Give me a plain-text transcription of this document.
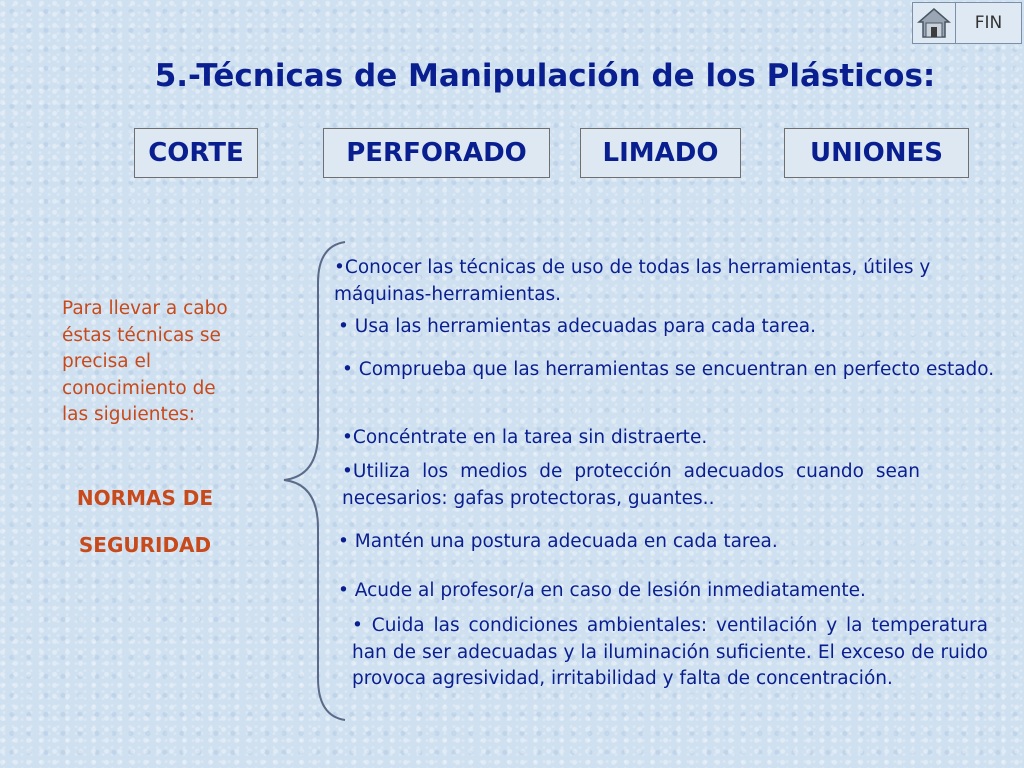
FIN
5.-Técnicas de Manipulación de los Plásticos:
CORTE	PERFORADO	LIMADO	UNIONES
Para llevar a cabo éstas técnicas se precisa el conocimiento de las siguientes:
NORMAS DE
SEGURIDAD
•Conocer las técnicas de uso de todas las herramientas, útiles y máquinas-herramientas.
• Usa las herramientas adecuadas para cada tarea.
• Comprueba que las herramientas se encuentran en perfecto estado.
•Concéntrate en la tarea sin distraerte.
•Utiliza los medios de protección adecuados cuando sean necesarios: gafas protectoras, guantes..
• Mantén una postura adecuada en cada tarea.
• Acude al profesor/a en caso de lesión inmediatamente.
• Cuida las condiciones ambientales: ventilación y la temperatura han de ser adecuadas y la iluminación suficiente. El exceso de ruido provoca agresividad, irritabilidad y falta de concentración.
